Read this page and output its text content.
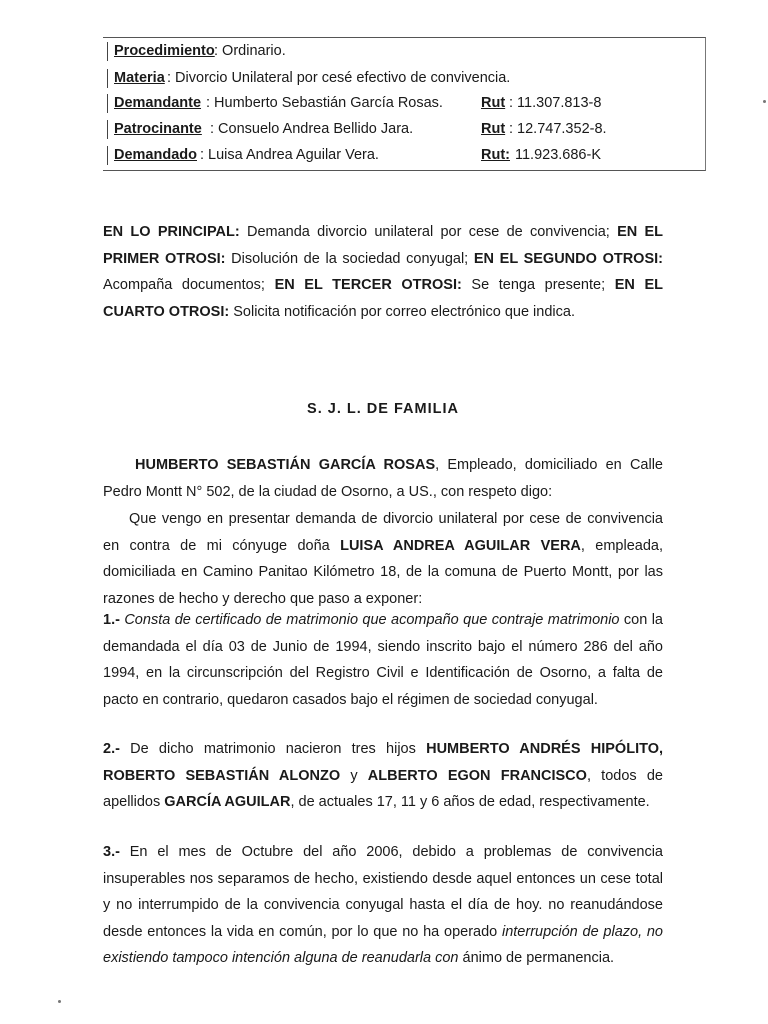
Procedimiento : Ordinario.
Materia : Divorcio Unilateral por cesé efectivo de convivencia.
Demandante : Humberto Sebastián García Rosas.	Rut : 11.307.813-8
Patrocinante : Consuelo Andrea Bellido Jara.	Rut : 12.747.352-8.
Demandado : Luisa Andrea Aguilar Vera.	Rut: 11.923.686-K
EN LO PRINCIPAL: Demanda divorcio unilateral por cese de convivencia; EN EL PRIMER OTROSI: Disolución de la sociedad conyugal; EN EL SEGUNDO OTROSI: Acompaña documentos; EN EL TERCER OTROSI: Se tenga presente; EN EL CUARTO OTROSI: Solicita notificación por correo electrónico que indica.
S. J. L. DE FAMILIA
HUMBERTO SEBASTIÁN GARCÍA ROSAS, Empleado, domiciliado en Calle Pedro Montt N° 502, de la ciudad de Osorno, a US., con respeto digo:
Que vengo en presentar demanda de divorcio unilateral por cese de convivencia en contra de mi cónyuge doña LUISA ANDREA AGUILAR VERA, empleada, domiciliada en Camino Panitao Kilómetro 18, de la comuna de Puerto Montt, por las razones de hecho y derecho que paso a exponer:
1.- Consta de certificado de matrimonio que acompaño que contraje matrimonio con la demandada el día 03 de Junio de 1994, siendo inscrito bajo el número 286 del año 1994, en la circunscripción del Registro Civil e Identificación de Osorno, a falta de pacto en contrario, quedaron casados bajo el régimen de sociedad conyugal.
2.- De dicho matrimonio nacieron tres hijos HUMBERTO ANDRÉS HIPÓLITO, ROBERTO SEBASTIÁN ALONZO y ALBERTO EGON FRANCISCO, todos de apellidos GARCÍA AGUILAR, de actuales 17, 11 y 6 años de edad, respectivamente.
3.- En el mes de Octubre del año 2006, debido a problemas de convivencia insuperables nos separamos de hecho, existiendo desde aquel entonces un cese total y no interrumpido de la convivencia conyugal hasta el día de hoy. no reanudándose desde entonces la vida en común, por lo que no ha operado interrupción de plazo, no existiendo tampoco intención alguna de reanudarla con ánimo de permanencia.
